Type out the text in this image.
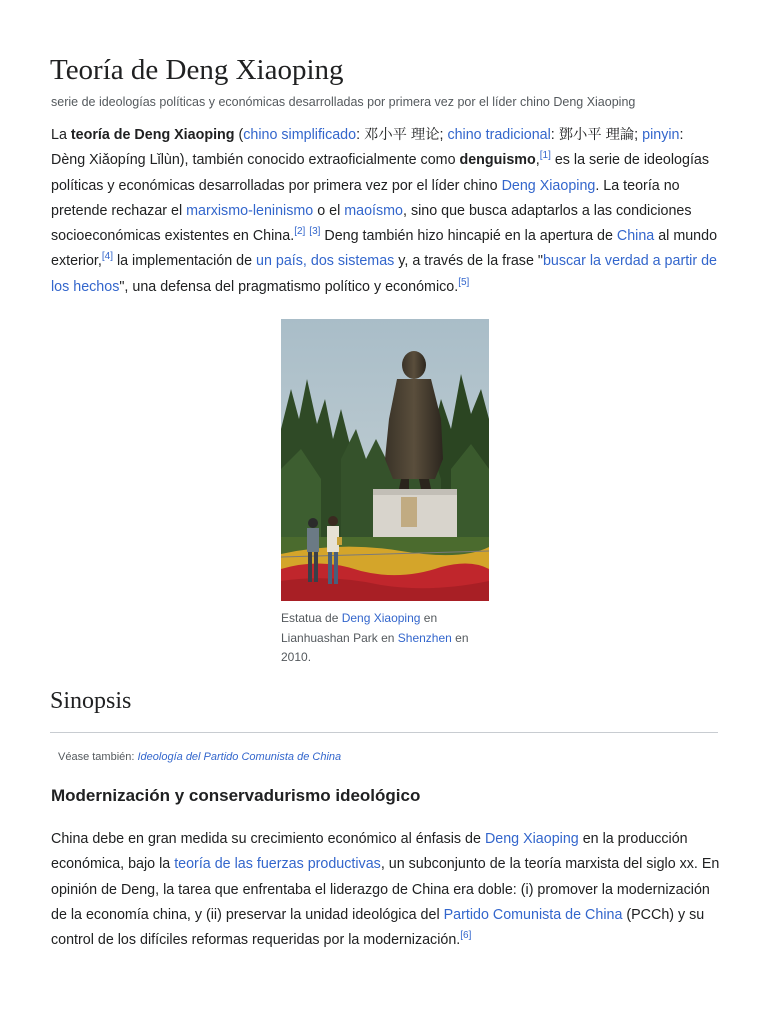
Teoría de Deng Xiaoping

serie de ideologías políticas y económicas desarrolladas por primera vez por el líder chino Deng Xiaoping

La teoría de Deng Xiaoping (chino simplificado: 邓小平 理论; chino tradicional: 鄧小平 理論; pinyin: Dèng Xiǎopíng Lǐlùn), también conocido extraoficialmente como denguismo,[1] es la serie de ideologías políticas y económicas desarrolladas por primera vez por el líder chino Deng Xiaoping. La teoría no pretende rechazar el marxismo-leninismo o el maoísmo, sino que busca adaptarlos a las condiciones socioeconómicas existentes en China.[2] [3] Deng también hizo hincapié en la apertura de China al mundo exterior,[4] la implementación de un país, dos sistemas y, a través de la frase "buscar la verdad a partir de los hechos", una defensa del pragmatismo político y económico.[5]

Estatua de Deng Xiaoping en Lianhuashan Park en Shenzhen en 2010.
Sinopsis

Véase también: Ideología del Partido Comunista de China

Modernización y conservadurismo ideológico

China debe en gran medida su crecimiento económico al énfasis de Deng Xiaoping en la producción económica, bajo la teoría de las fuerzas productivas, un subconjunto de la teoría marxista del siglo xx. En opinión de Deng, la tarea que enfrentaba el liderazgo de China era doble: (i) promover la modernización de la economía china, y (ii) preservar la unidad ideológica del Partido Comunista de China (PCCh) y su control de los difíciles reformas requeridas por la modernización.[6]
